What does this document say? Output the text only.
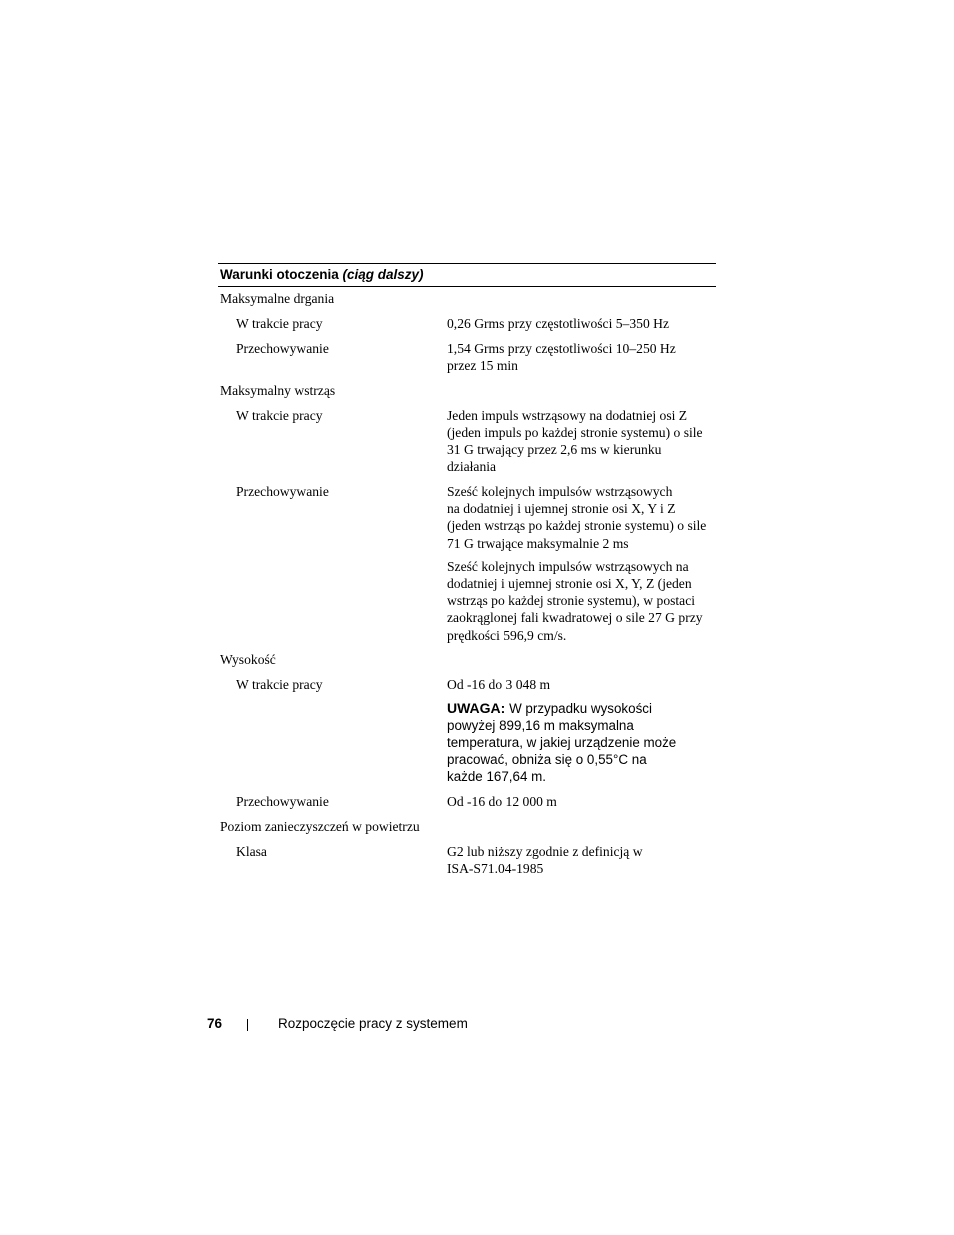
Warunki otoczenia (ciąg dalszy)
Maksymalne drgania
W trakcie pracy	0,26 Grms przy częstotliwości 5–350 Hz
Przechowywanie	1,54 Grms przy częstotliwości 10–250 Hz
przez 15 min
Maksymalny wstrząs
W trakcie pracy	Jeden impuls wstrząsowy na dodatniej osi Z
(jeden impuls po każdej stronie systemu) o sile
31 G trwający przez 2,6 ms w kierunku
działania
Przechowywanie	Sześć kolejnych impulsów wstrząsowych
na dodatniej i ujemnej stronie osi X, Y i Z
(jeden wstrząs po każdej stronie systemu) o sile
71 G trwające maksymalnie 2 ms
Sześć kolejnych impulsów wstrząsowych na
dodatniej i ujemnej stronie osi X, Y, Z (jeden
wstrząs po każdej stronie systemu), w postaci
zaokrąglonej fali kwadratowej o sile 27 G przy
prędkości 596,9 cm/s.
Wysokość
W trakcie pracy	Od -16 do 3 048 m
UWAGA: W przypadku wysokości
powyżej 899,16 m maksymalna
temperatura, w jakiej urządzenie może
pracować, obniża się o 0,55°C na
każde 167,64 m.
Przechowywanie	Od -16 do 12 000 m
Poziom zanieczyszczeń w powietrzu
Klasa	G2 lub niższy zgodnie z definicją w
ISA-S71.04-1985
76	Rozpoczęcie pracy z systemem
